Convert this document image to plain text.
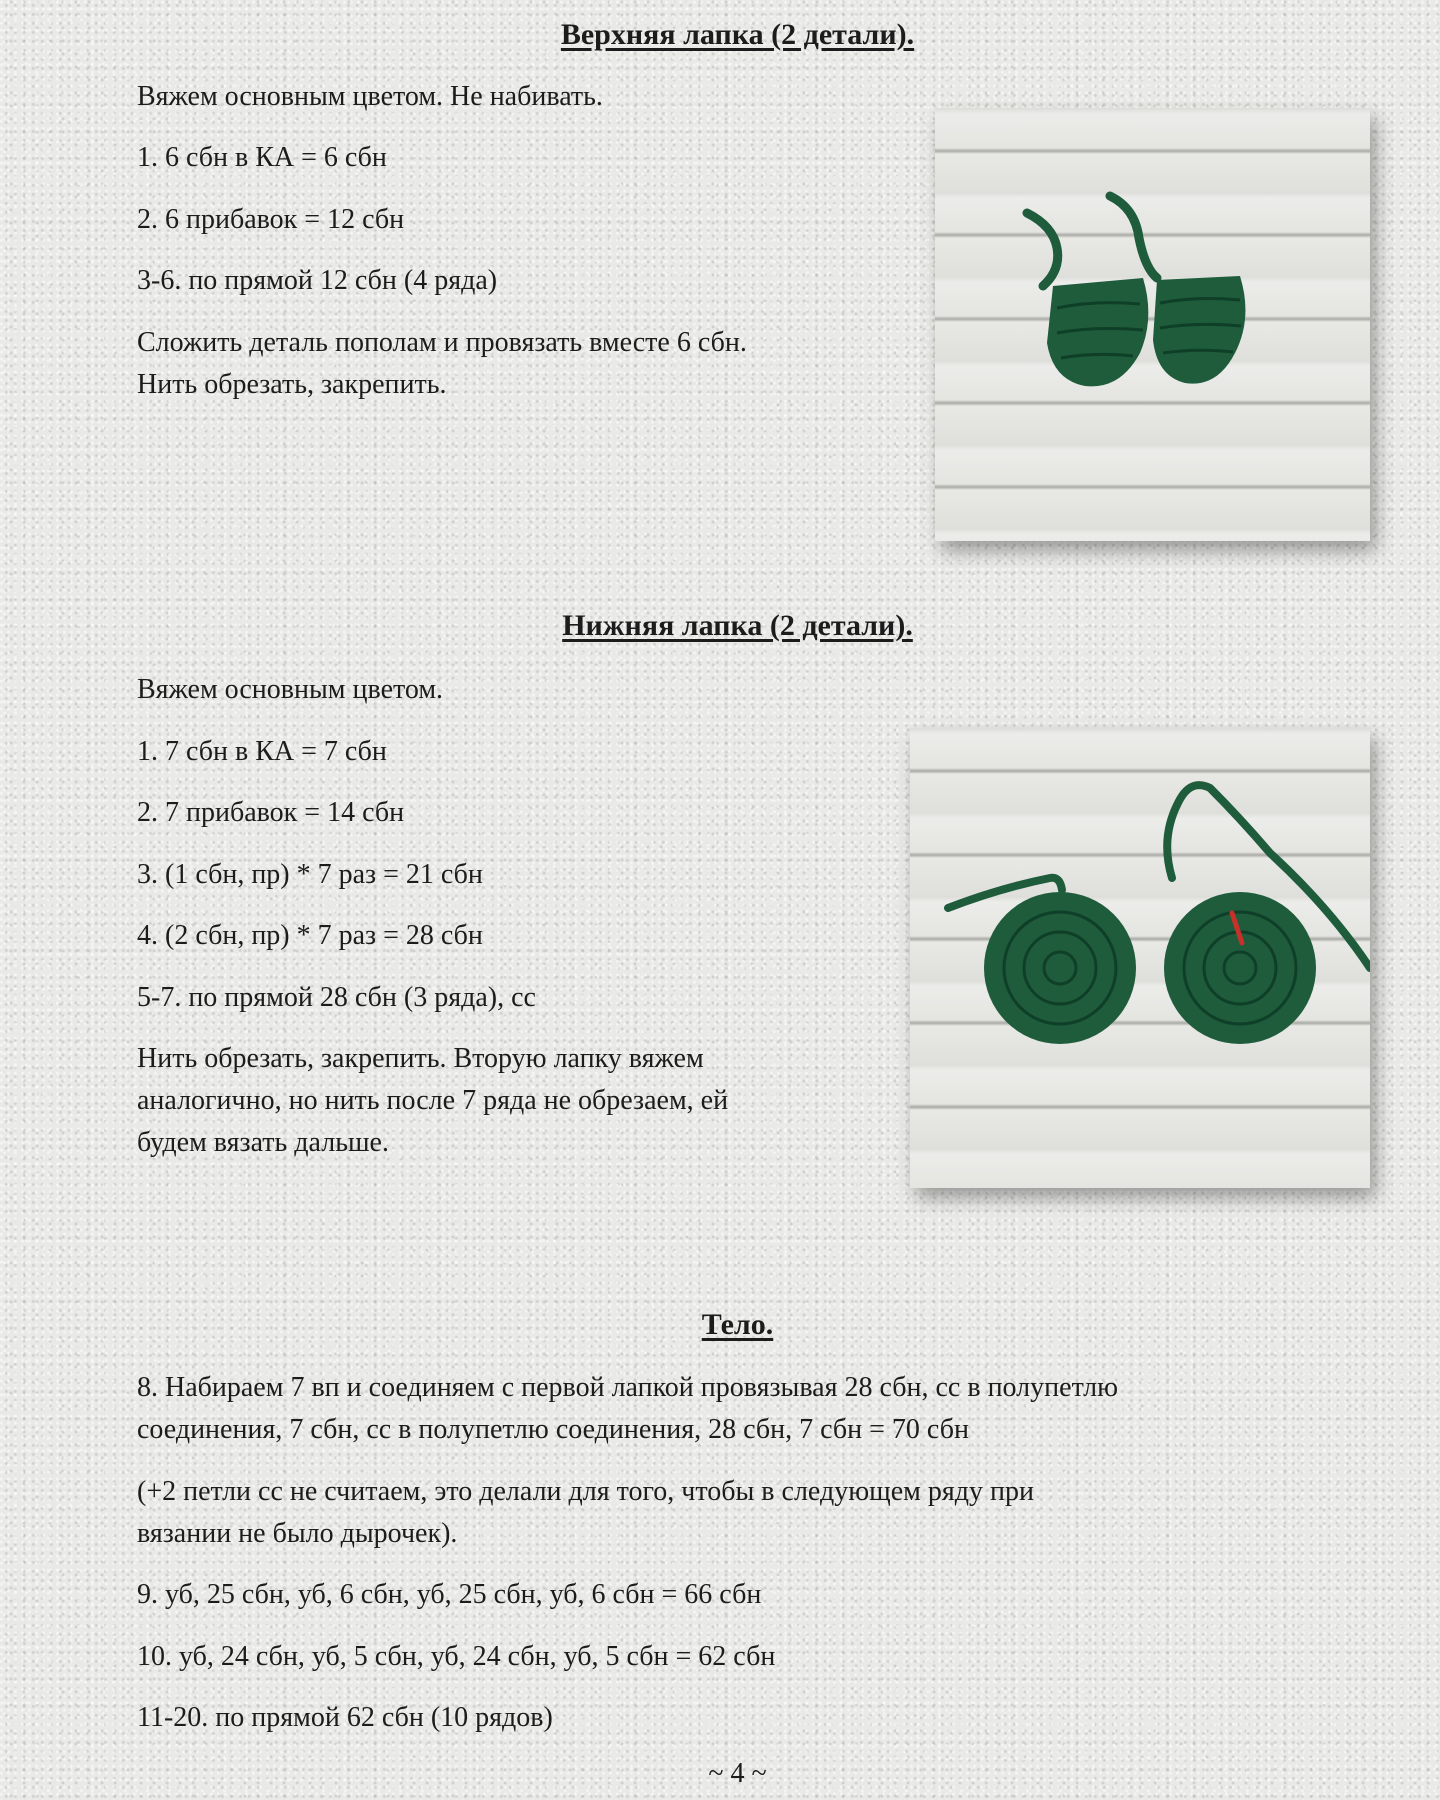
Верхняя лапка (2 детали).

Вяжем основным цветом. Не набивать.

1. 6 сбн в КА = 6 сбн

2. 6 прибавок = 12 сбн

3-6. по прямой 12 сбн (4 ряда)

Сложить деталь пополам и провязать вместе 6 сбн.

Нить обрезать, закрепить.

Нижняя лапка (2 детали).

Вяжем основным цветом.

1. 7 сбн в КА = 7 сбн

2. 7 прибавок = 14 сбн

3. (1 сбн, пр) * 7 раз = 21 сбн

4. (2 сбн, пр) * 7 раз = 28 сбн

5-7. по прямой 28 сбн (3 ряда), сс

Нить обрезать, закрепить. Вторую лапку вяжем

аналогично, но нить после 7 ряда не обрезаем, ей

будем вязать дальше.

Тело.

8. Набираем 7 вп и соединяем с первой лапкой провязывая 28 сбн, сс в полупетлю

соединения, 7 сбн, сс в полупетлю соединения, 28 сбн, 7 сбн = 70 сбн

(+2 петли сс не считаем, это делали для того, чтобы в следующем ряду при

вязании не было дырочек).

9. уб, 25 сбн, уб, 6 сбн, уб, 25 сбн, уб, 6 сбн = 66 сбн

10. уб, 24 сбн, уб, 5 сбн, уб, 24 сбн, уб, 5 сбн = 62 сбн

11-20. по прямой 62 сбн (10 рядов)

~ 4 ~
